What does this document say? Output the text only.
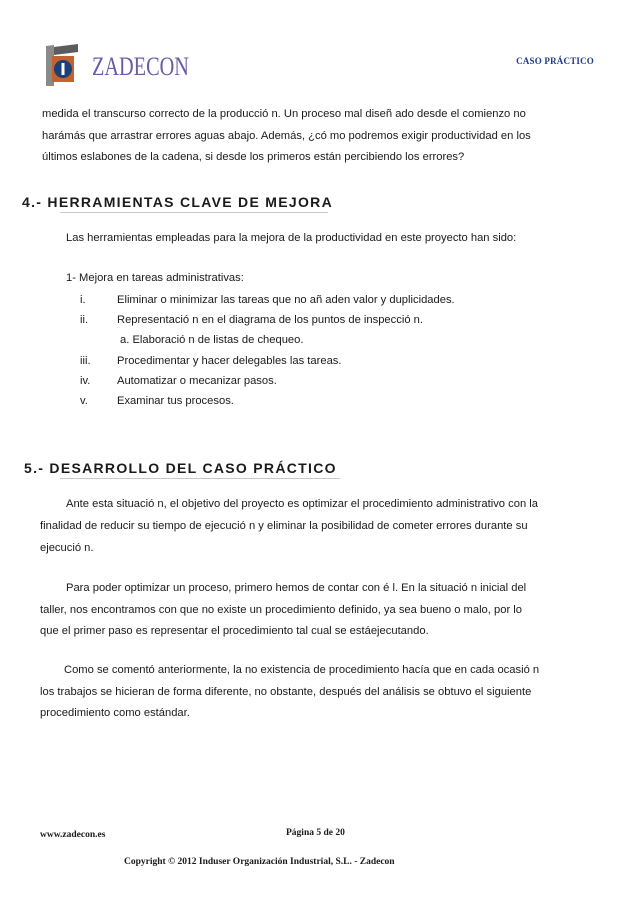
ZADECON	CASO PRÁCTICO
medida el transcurso correcto de la producció n. Un proceso mal diseñ ado desde el comienzo no
harámás que arrastrar errores aguas abajo. Además, ¿có mo podremos exigir productividad en los
últimos eslabones de la cadena, si desde los primeros están percibiendo los errores?
4.- HERRAMIENTAS CLAVE DE MEJORA
Las herramientas empleadas para la mejora de la productividad en este proyecto han sido:
1- Mejora en tareas administrativas:
i.	Eliminar o minimizar las tareas que no añ aden valor y duplicidades.
ii.	Representació n en el diagrama de los puntos de inspecció n.
a. Elaboració n de listas de chequeo.
iii. Procedimentar y hacer delegables las tareas.
iv. Automatizar o mecanizar pasos.
v.	Examinar tus procesos.
5.- DESARROLLO DEL CASO PRÁCTICO
Ante esta situació n, el objetivo del proyecto es optimizar el procedimiento administrativo con la
finalidad de reducir su tiempo de ejecució n y eliminar la posibilidad de cometer errores durante su
ejecució n.
Para poder optimizar un proceso, primero hemos de contar con é l. En la situació n inicial del
taller, nos encontramos con que no existe un procedimiento definido, ya sea bueno o malo, por lo
que el primer paso es representar el procedimiento tal cual se estáejecutando.
Como se comentó anteriormente, la no existencia de procedimiento hacía que en cada ocasió n
los trabajos se hicieran de forma diferente, no obstante, después del análisis se obtuvo el siguiente
procedimiento como estándar.
www.zadecon.es	Página 5 de 20
Copyright © 2012 Induser Organización Industrial, S.L. - Zadecon
